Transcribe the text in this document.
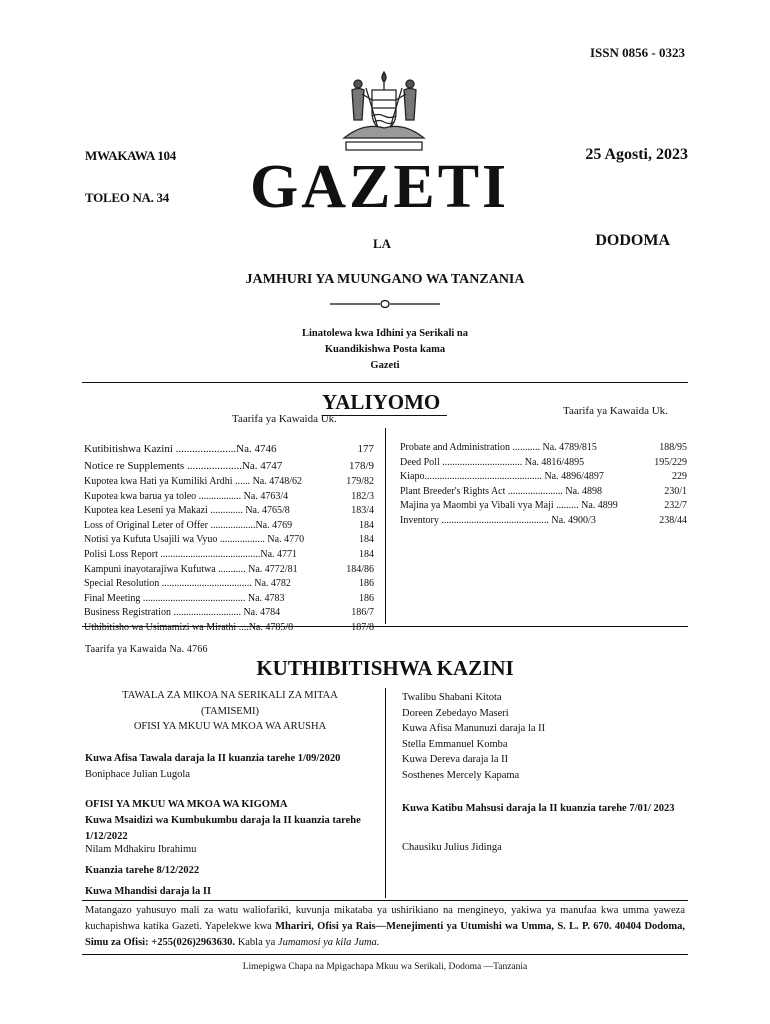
ISSN 0856 - 0323
MWAKAWA 104	25 Agosti, 2023
TOLEO NA. 34 GAZETI
LA	DODOMA
JAMHURI YA MUUNGANO WA TANZANIA
Linatolewa kwa Idhini ya Serikali na
Kuandikishwa Posta kama
Gazeti
YALIYOMO
Taarifa ya Kawaida Uk.
Taarifa ya Kawaida Uk.
Kutibitishwa Kazini ......................Na. 4746	177
Notice re Supplements ....................Na. 4747	178/9
Kupotea kwa Hati ya Kumiliki Ardhi ...... Na. 4748/62	179/82
Kupotea kwa barua ya toleo ................. Na. 4763/4	182/3
Kupotea kea Leseni ya Makazi ............. Na. 4765/8	183/4
Loss of Original Leter of Offer ..................Na. 4769	184
Notisi ya Kufuta Usajili wa Vyuo .................. Na. 4770	184
Polisi Loss Report ........................................Na. 4771	184
Kampuni inayotarajiwa Kufutwa ........... Na. 4772/81	184/86
Special Resolution .................................... Na. 4782	186
Final Meeting ......................................... Na. 4783	186
Business Registration ........................... Na. 4784	186/7
Uthibitisho wa Usimamizi wa Mirathi ....Na. 4785/8	187/8
Probate and Administration ........... Na. 4789/815	188/95
Deed Poll ................................ Na. 4816/4895	195/229
Kiapo............................................... Na. 4896/4897	229
Plant Breeder's Rights Act ...................... Na. 4898	230/1
Majina ya Maombi ya Vibali vya Maji ......... Na. 4899	232/7
Inventory ........................................... Na. 4900/3	238/44
Taarifa ya Kawaida Na. 4766
KUTHIBITISHWA KAZINI
TAWALA ZA MIKOA NA SERIKALI ZA MITAA
(TAMISEMI)
OFISI YA MKUU WA MKOA WA ARUSHA
Kuwa Afisa Tawala daraja la II kuanzia tarehe 1/09/2020
Boniphace Julian Lugola
OFISI YA MKUU WA MKOA WA KIGOMA
Kuwa Msaidizi wa Kumbukumbu daraja la II kuanzia tarehe 1/12/2022
Nilam Mdhakiru Ibrahimu
Kuanzia tarehe 8/12/2022
Kuwa Mhandisi daraja la II
Twalibu Shabani Kitota
Doreen Zebedayo Maseri
Kuwa Afisa Manunuzi daraja la II
Stella Emmanuel Komba
Kuwa Dereva daraja la II
Sosthenes Mercely Kapama
Kuwa Katibu Mahsusi daraja la II kuanzia tarehe 7/01/ 2023
Chausiku Julius Jidinga
Matangazo yahusuyo mali za watu waliofariki, kuvunja mikataba ya ushirikiano na mengineyo, yakiwa ya manufaa kwa umma yaweza kuchapishwa katika Gazeti. Yapelekwe kwa Mhariri, Ofisi ya Rais—Menejimenti ya Utumishi wa Umma, S. L. P. 670. 40404 Dodoma, Simu za Ofisi: +255(026)2963630. Kabla ya Jumamosi ya kila Juma.
Limepigwa Chapa na Mpigachapa Mkuu wa Serikali, Dodoma —Tanzania
